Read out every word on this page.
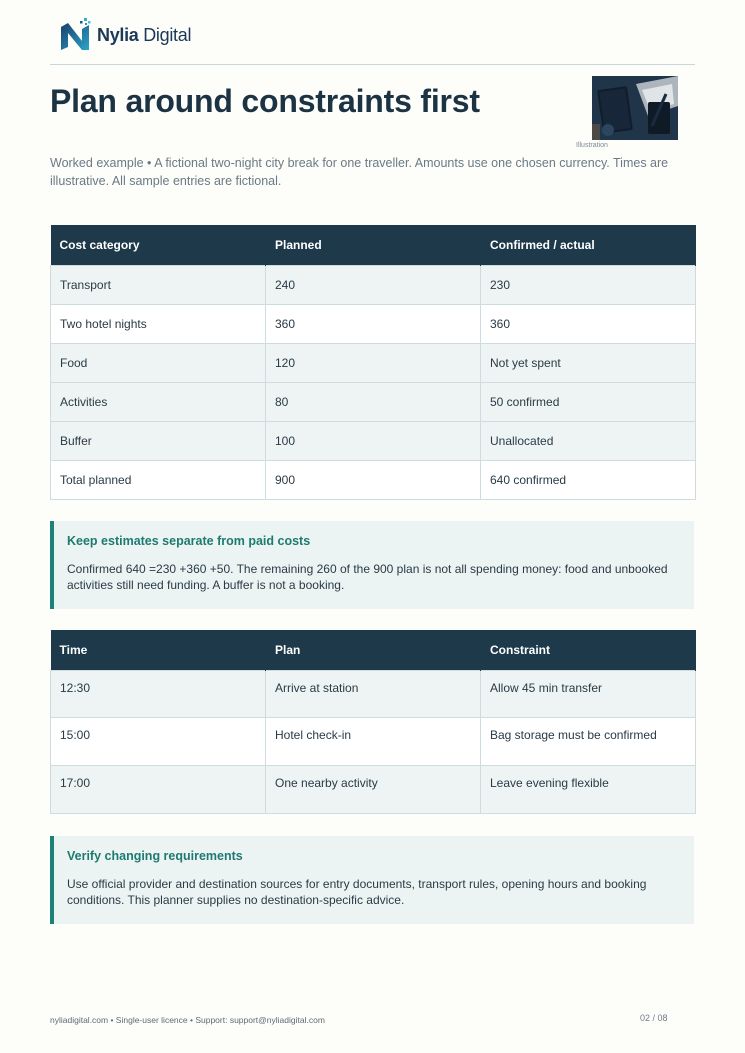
Nylia Digital
Plan around constraints first
Illustration

Worked example • A fictional two-night city break for one traveller. Amounts use one chosen currency. Times are illustrative. All sample entries are fictional.

Cost category	Planned	Confirmed / actual
Transport	240	230
Two hotel nights	360	360
Food	120	Not yet spent
Activities	80	50 confirmed
Buffer	100	Unallocated
Total planned	900	640 confirmed
Keep estimates separate from paid costs

Confirmed 640 =230 +360 +50. The remaining 260 of the 900 plan is not all spending money: food and unbooked activities still need funding. A buffer is not a booking.

Time	Plan	Constraint
12:30	Arrive at station	Allow 45 min transfer
15:00	Hotel check-in	Bag storage must be confirmed
17:00	One nearby activity	Leave evening flexible
Verify changing requirements

Use official provider and destination sources for entry documents, transport rules, opening hours and booking conditions. This planner supplies no destination-specific advice.

nyliadigital.com • Single-user licence • Support: support@nyliadigital.com	02 / 08
